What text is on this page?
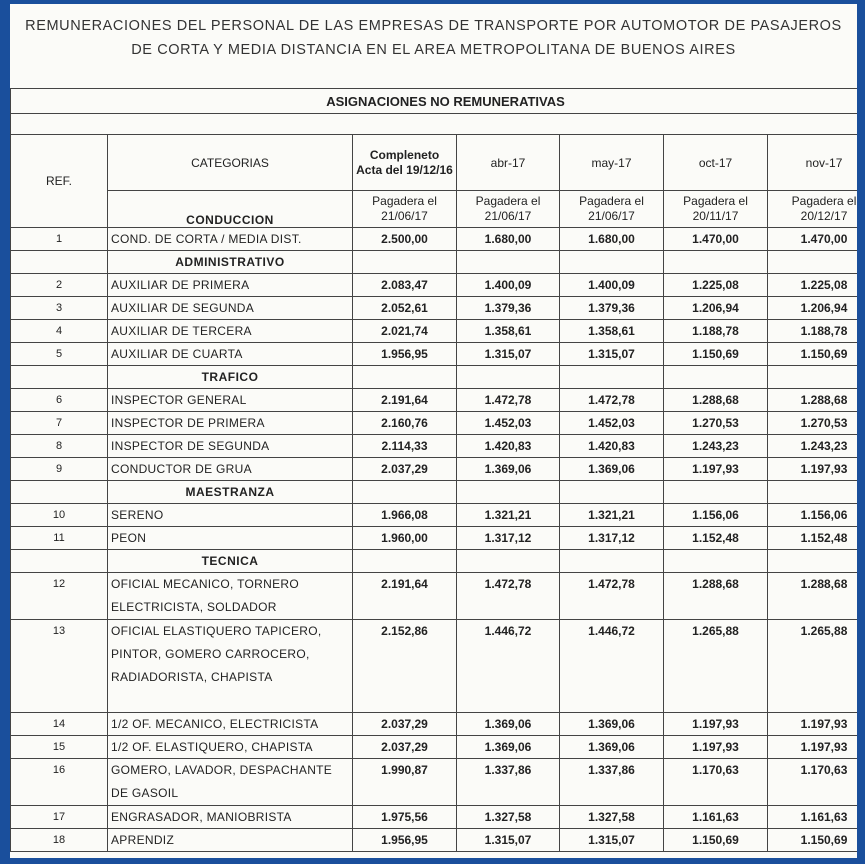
REMUNERACIONES DEL PERSONAL DE LAS EMPRESAS DE TRANSPORTE POR AUTOMOTOR DE PASAJEROS
DE CORTA Y MEDIA DISTANCIA EN EL AREA METROPOLITANA DE BUENOS AIRES
ASIGNACIONES NO REMUNERATIVAS						

REF.	CATEGORIAS	Compleneto Acta del 19/12/16	abr-17	may-17	oct-17	nov-17
	CONDUCCION	Pagadera el 21/06/17	Pagadera el 21/06/17	Pagadera el 21/06/17	Pagadera el 20/11/17	Pagadera el 20/12/17
1	COND. DE CORTA / MEDIA DIST.	2.500,00	1.680,00	1.680,00	1.470,00	1.470,00
	ADMINISTRATIVO					
2	AUXILIAR DE PRIMERA	2.083,47	1.400,09	1.400,09	1.225,08	1.225,08
3	AUXILIAR DE SEGUNDA	2.052,61	1.379,36	1.379,36	1.206,94	1.206,94
4	AUXILIAR DE TERCERA	2.021,74	1.358,61	1.358,61	1.188,78	1.188,78
5	AUXILIAR DE CUARTA	1.956,95	1.315,07	1.315,07	1.150,69	1.150,69
	TRAFICO					
6	INSPECTOR GENERAL	2.191,64	1.472,78	1.472,78	1.288,68	1.288,68
7	INSPECTOR DE PRIMERA	2.160,76	1.452,03	1.452,03	1.270,53	1.270,53
8	INSPECTOR DE SEGUNDA	2.114,33	1.420,83	1.420,83	1.243,23	1.243,23
9	CONDUCTOR DE GRUA	2.037,29	1.369,06	1.369,06	1.197,93	1.197,93
	MAESTRANZA					
10	SERENO	1.966,08	1.321,21	1.321,21	1.156,06	1.156,06
11	PEON	1.960,00	1.317,12	1.317,12	1.152,48	1.152,48
	TECNICA					
12	OFICIAL MECANICO, TORNERO ELECTRICISTA, SOLDADOR	2.191,64	1.472,78	1.472,78	1.288,68	1.288,68
13	OFICIAL ELASTIQUERO TAPICERO, PINTOR, GOMERO CARROCERO, RADIADORISTA, CHAPISTA	2.152,86	1.446,72	1.446,72	1.265,88	1.265,88
14	1/2 OF. MECANICO, ELECTRICISTA	2.037,29	1.369,06	1.369,06	1.197,93	1.197,93
15	1/2 OF. ELASTIQUERO, CHAPISTA	2.037,29	1.369,06	1.369,06	1.197,93	1.197,93
16	GOMERO, LAVADOR, DESPACHANTE DE GASOIL	1.990,87	1.337,86	1.337,86	1.170,63	1.170,63
17	ENGRASADOR, MANIOBRISTA	1.975,56	1.327,58	1.327,58	1.161,63	1.161,63
18	APRENDIZ	1.956,95	1.315,07	1.315,07	1.150,69	1.150,69
